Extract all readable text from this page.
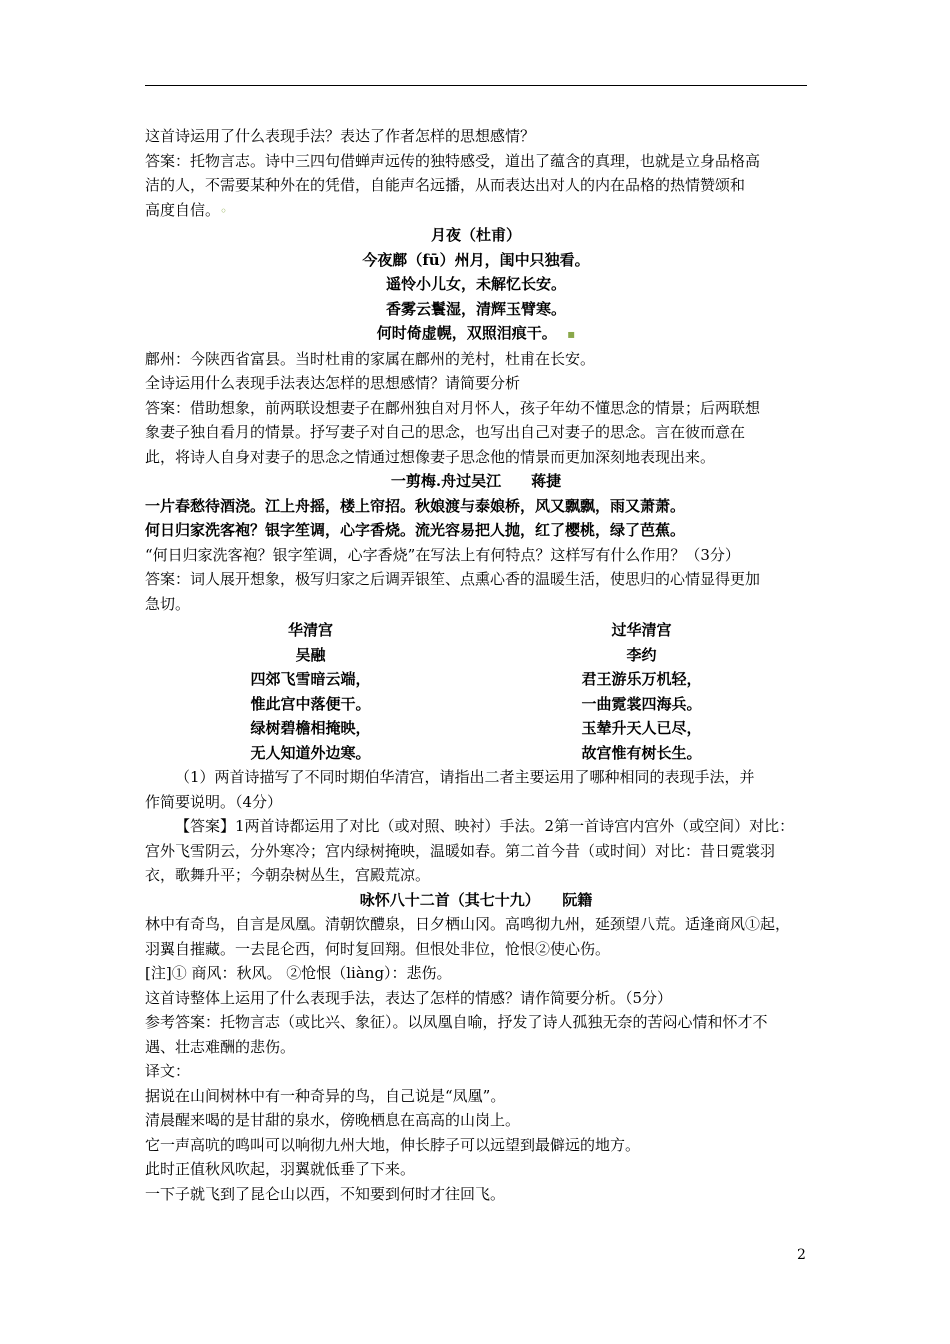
这首诗运用了什么表现手法？表达了作者怎样的思想感情？

答案：托物言志。诗中三四句借蝉声远传的独特感受，道出了蕴含的真理，也就是立身品格高

洁的人，不需要某种外在的凭借，自能声名远播，从而表达出对人的内在品格的热情赞颂和

高度自信。◦

月夜（杜甫）

今夜鄜（fū）州月，闺中只独看。

遥怜小儿女，未解忆长安。

香雾云鬟湿，清辉玉臂寒。

何时倚虚幌，双照泪痕干。 ▪

鄜州：今陕西省富县。当时杜甫的家属在鄜州的羌村，杜甫在长安。

全诗运用什么表现手法表达怎样的思想感情？请简要分析

答案：借助想象，前两联设想妻子在鄜州独自对月怀人，孩子年幼不懂思念的情景；后两联想

象妻子独自看月的情景。抒写妻子对自己的思念，也写出自己对妻子的思念。言在彼而意在

此，将诗人自身对妻子的思念之情通过想像妻子思念他的情景而更加深刻地表现出来。

一剪梅.舟过吴江　　蒋捷

一片春愁待酒浇。江上舟摇，楼上帘招。秋娘渡与泰娘桥，风又飘飘，雨又萧萧。

何日归家洗客袍？银字笙调，心字香烧。流光容易把人抛，红了樱桃，绿了芭蕉。

“何日归家洗客袍？银字笙调，心字香烧”在写法上有何特点？这样写有什么作用？（3分）

答案：词人展开想象，极写归家之后调弄银笙、点熏心香的温暖生活，使思归的心情显得更加

急切。

华清宫

吴融

四郊飞雪暗云端，

惟此宫中落便干。

绿树碧檐相掩映，

无人知道外边寒。

过华清宫

李约

君王游乐万机轻，

一曲霓裳四海兵。

玉辇升天人已尽，

故宫惟有树长生。

（1）两首诗描写了不同时期伯华清宫，请指出二者主要运用了哪种相同的表现手法，并

作简要说明。（4分）

【答案】1两首诗都运用了对比（或对照、映衬）手法。2第一首诗宫内宫外（或空间）对比：

宫外飞雪阴云，分外寒冷；宫内绿树掩映，温暖如春。第二首今昔（或时间）对比：昔日霓裳羽

衣，歌舞升平；今朝杂树丛生，宫殿荒凉。

咏怀八十二首（其七十九）　　阮籍

林中有奇鸟，自言是凤凰。清朝饮醴泉，日夕栖山冈。高鸣彻九州，延颈望八荒。适逢商风①起，

羽翼自摧藏。一去昆仑西，何时复回翔。但恨处非位，怆恨②使心伤。

[注]① 商风：秋风。 ②怆恨（liàng）：悲伤。

这首诗整体上运用了什么表现手法，表达了怎样的情感？请作简要分析。（5分）

参考答案：托物言志（或比兴、象征）。以凤凰自喻，抒发了诗人孤独无奈的苦闷心情和怀才不

遇、壮志难酬的悲伤。

译文：

据说在山间树林中有一种奇异的鸟，自己说是“凤凰”。

清晨醒来喝的是甘甜的泉水，傍晚栖息在高高的山岗上。

它一声高吭的鸣叫可以响彻九州大地，伸长脖子可以远望到最僻远的地方。

此时正值秋风吹起，羽翼就低垂了下来。

一下子就飞到了昆仑山以西，不知要到何时才往回飞。

2
